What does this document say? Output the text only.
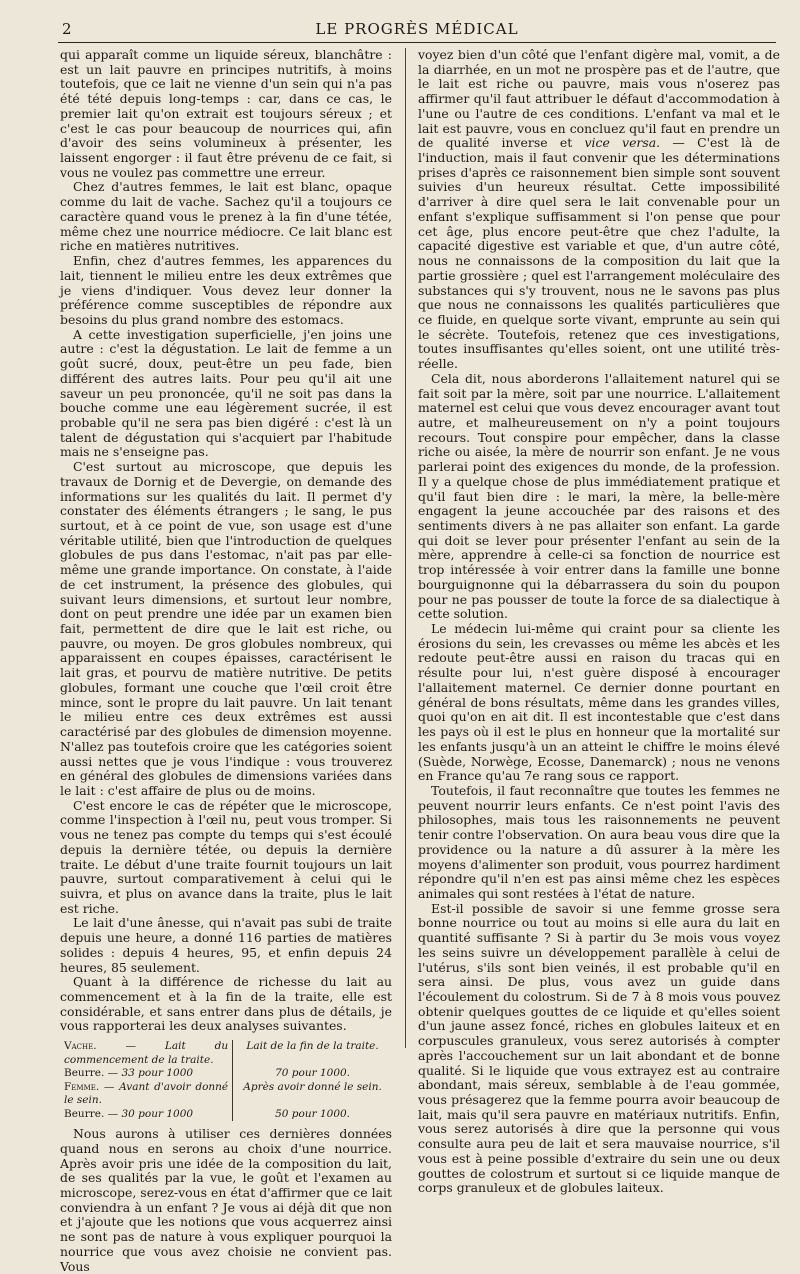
2	LE PROGRÈS MÉDICAL

qui apparaît comme un liquide séreux, blanchâtre : est un lait pauvre en principes nutritifs, à moins toutefois, que ce lait ne vienne d'un sein qui n'a pas été tété depuis long-temps : car, dans ce cas, le premier lait qu'on extrait est toujours séreux ; et c'est le cas pour beaucoup de nourrices qui, afin d'avoir des seins volumineux à présenter, les laissent engorger : il faut être prévenu de ce fait, si vous ne voulez pas commettre une erreur.

Chez d'autres femmes, le lait est blanc, opaque comme du lait de vache. Sachez qu'il a toujours ce caractère quand vous le prenez à la fin d'une tétée, même chez une nourrice médiocre. Ce lait blanc est riche en matières nutritives.

Enfin, chez d'autres femmes, les apparences du lait, tiennent le milieu entre les deux extrêmes que je viens d'indiquer. Vous devez leur donner la préférence comme susceptibles de répondre aux besoins du plus grand nombre des estomacs.

A cette investigation superficielle, j'en joins une autre : c'est la dégustation. Le lait de femme a un goût sucré, doux, peut-être un peu fade, bien différent des autres laits. Pour peu qu'il ait une saveur un peu prononcée, qu'il ne soit pas dans la bouche comme une eau légèrement sucrée, il est probable qu'il ne sera pas bien digéré : c'est là un talent de dégustation qui s'acquiert par l'habitude mais ne s'enseigne pas.

C'est surtout au microscope, que depuis les travaux de Dornig et de Devergie, on demande des informations sur les qualités du lait. Il permet d'y constater des éléments étrangers ; le sang, le pus surtout, et à ce point de vue, son usage est d'une véritable utilité, bien que l'introduction de quelques globules de pus dans l'estomac, n'ait pas par elle-même une grande importance. On constate, à l'aide de cet instrument, la présence des globules, qui suivant leurs dimensions, et surtout leur nombre, dont on peut prendre une idée par un examen bien fait, permettent de dire que le lait est riche, ou pauvre, ou moyen. De gros globules nombreux, qui apparaissent en coupes épaisses, caractérisent le lait gras, et pourvu de matière nutritive. De petits globules, formant une couche que l'œil croit être mince, sont le propre du lait pauvre. Un lait tenant le milieu entre ces deux extrêmes est aussi caractérisé par des globules de dimension moyenne. N'allez pas toutefois croire que les catégories soient aussi nettes que je vous l'indique : vous trouverez en général des globules de dimensions variées dans le lait : c'est affaire de plus ou de moins.

C'est encore le cas de répéter que le microscope, comme l'inspection à l'œil nu, peut vous tromper. Si vous ne tenez pas compte du temps qui s'est écoulé depuis la dernière tétée, ou depuis la dernière traite. Le début d'une traite fournit toujours un lait pauvre, surtout comparativement à celui qui le suivra, et plus on avance dans la traite, plus le lait est riche.

Le lait d'une ânesse, qui n'avait pas subi de traite depuis une heure, a donné 116 parties de matières solides : depuis 4 heures, 95, et enfin depuis 24 heures, 85 seulement.

Quant à la différence de richesse du lait au commencement et à la fin de la traite, elle est considérable, et sans entrer dans plus de détails, je vous rapporterai les deux analyses suivantes.

Vache. — Lait du commencement de la traite.	Lait de la fin de la traite.
Beurre. — 33 pour 1000	70 pour 1000.
Femme. — Avant d'avoir donné le sein.	Après avoir donné le sein.
Beurre. — 30 pour 1000	50 pour 1000.

Nous aurons à utiliser ces dernières données quand nous en serons au choix d'une nourrice. Après avoir pris une idée de la composition du lait, de ses qualités par la vue, le goût et l'examen au microscope, serez-vous en état d'affirmer que ce lait conviendra à un enfant ? Je vous ai déjà dit que non et j'ajoute que les notions que vous acquerrez ainsi ne sont pas de nature à vous expliquer pourquoi la nourrice que vous avez choisie ne convient pas. Vous

voyez bien d'un côté que l'enfant digère mal, vomit, a de la diarrhée, en un mot ne prospère pas et de l'autre, que le lait est riche ou pauvre, mais vous n'oserez pas affirmer qu'il faut attribuer le défaut d'accommodation à l'une ou l'autre de ces conditions. L'enfant va mal et le lait est pauvre, vous en concluez qu'il faut en prendre un de qualité inverse et vice versa. — C'est là de l'induction, mais il faut convenir que les déterminations prises d'après ce raisonnement bien simple sont souvent suivies d'un heureux résultat. Cette impossibilité d'arriver à dire quel sera le lait convenable pour un enfant s'explique suffisamment si l'on pense que pour cet âge, plus encore peut-être que chez l'adulte, la capacité digestive est variable et que, d'un autre côté, nous ne connaissons de la composition du lait que la partie grossière ; quel est l'arrangement moléculaire des substances qui s'y trouvent, nous ne le savons pas plus que nous ne connaissons les qualités particulières que ce fluide, en quelque sorte vivant, emprunte au sein qui le sécrète. Toutefois, retenez que ces investigations, toutes insuffisantes qu'elles soient, ont une utilité très-réelle.

Cela dit, nous aborderons l'allaitement naturel qui se fait soit par la mère, soit par une nourrice. L'allaitement maternel est celui que vous devez encourager avant tout autre, et malheureusement on n'y a point toujours recours. Tout conspire pour empêcher, dans la classe riche ou aisée, la mère de nourrir son enfant. Je ne vous parlerai point des exigences du monde, de la profession. Il y a quelque chose de plus immédiatement pratique et qu'il faut bien dire : le mari, la mère, la belle-mère engagent la jeune accouchée par des raisons et des sentiments divers à ne pas allaiter son enfant. La garde qui doit se lever pour présenter l'enfant au sein de la mère, apprendre à celle-ci sa fonction de nourrice est trop intéressée à voir entrer dans la famille une bonne bourguignonne qui la débarrassera du soin du poupon pour ne pas pousser de toute la force de sa dialectique à cette solution.

Le médecin lui-même qui craint pour sa cliente les érosions du sein, les crevasses ou même les abcès et les redoute peut-être aussi en raison du tracas qui en résulte pour lui, n'est guère disposé à encourager l'allaitement maternel. Ce dernier donne pourtant en général de bons résultats, même dans les grandes villes, quoi qu'on en ait dit. Il est incontestable que c'est dans les pays où il est le plus en honneur que la mortalité sur les enfants jusqu'à un an atteint le chiffre le moins élevé (Suède, Norwège, Ecosse, Danemarck) ; nous ne venons en France qu'au 7e rang sous ce rapport.

Toutefois, il faut reconnaître que toutes les femmes ne peuvent nourrir leurs enfants. Ce n'est point l'avis des philosophes, mais tous les raisonnements ne peuvent tenir contre l'observation. On aura beau vous dire que la providence ou la nature a dû assurer à la mère les moyens d'alimenter son produit, vous pourrez hardiment répondre qu'il n'en est pas ainsi même chez les espèces animales qui sont restées à l'état de nature.

Est-il possible de savoir si une femme grosse sera bonne nourrice ou tout au moins si elle aura du lait en quantité suffisante ? Si à partir du 3e mois vous voyez les seins suivre un développement parallèle à celui de l'utérus, s'ils sont bien veinés, il est probable qu'il en sera ainsi. De plus, vous avez un guide dans l'écoulement du colostrum. Si de 7 à 8 mois vous pouvez obtenir quelques gouttes de ce liquide et qu'elles soient d'un jaune assez foncé, riches en globules laiteux et en corpuscules granuleux, vous serez autorisés à compter après l'accouchement sur un lait abondant et de bonne qualité. Si le liquide que vous extrayez est au contraire abondant, mais séreux, semblable à de l'eau gommée, vous présagerez que la femme pourra avoir beaucoup de lait, mais qu'il sera pauvre en matériaux nutritifs. Enfin, vous serez autorisés à dire que la personne qui vous consulte aura peu de lait et sera mauvaise nourrice, s'il vous est à peine possible d'extraire du sein une ou deux gouttes de colostrum et surtout si ce liquide manque de corps granuleux et de globules laiteux.
